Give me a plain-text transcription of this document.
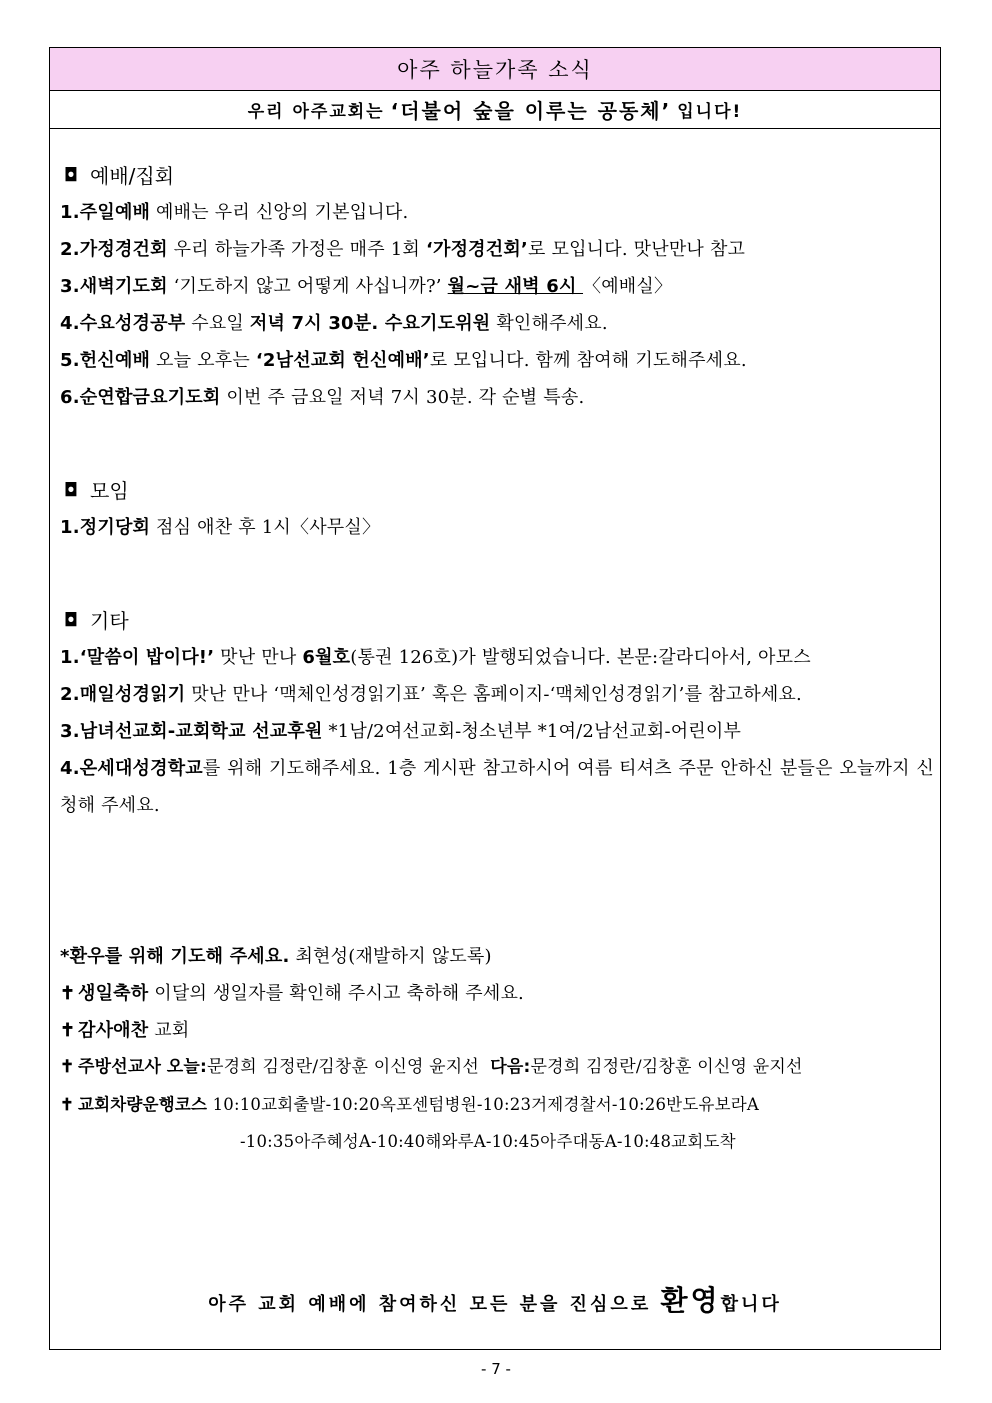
아주 하늘가족 소식
우리 아주교회는 ‘더불어 숲을 이루는 공동체’ 입니다!
◘ 예배/집회
1.주일예배 예배는 우리 신앙의 기본입니다.
2.가정경건회 우리 하늘가족 가정은 매주 1회 ‘가정경건회’로 모입니다. 맛난만나 참고
3.새벽기도회 ‘기도하지 않고 어떻게 사십니까?’ 월~금 새벽 6시 〈예배실〉
4.수요성경공부 수요일 저녁 7시 30분. 수요기도위원 확인해주세요.
5.헌신예배 오늘 오후는 ‘2남선교회 헌신예배’로 모입니다. 함께 참여해 기도해주세요.
6.순연합금요기도회 이번 주 금요일 저녁 7시 30분. 각 순별 특송.
◘ 모임
1.정기당회 점심 애찬 후 1시〈사무실〉
◘ 기타
1.‘말씀이 밥이다!’ 맛난 만나 6월호(통권 126호)가 발행되었습니다. 본문:갈라디아서, 아모스
2.매일성경읽기 맛난 만나 ‘맥체인성경읽기표’ 혹은 홈페이지-‘맥체인성경읽기’를 참고하세요.
3.남녀선교회-교회학교 선교후원 *1남/2여선교회-청소년부 *1여/2남선교회-어린이부
4.온세대성경학교를 위해 기도해주세요. 1층 게시판 참고하시어 여름 티셔츠 주문 안하신 분들은 오늘까지 신청해 주세요.
*환우를 위해 기도해 주세요. 최현성(재발하지 않도록)
✝ 생일축하 이달의 생일자를 확인해 주시고 축하해 주세요.
✝ 감사애찬 교회
✝ 주방선교사 오늘:문경희 김정란/김창훈 이신영 윤지선 다음:문경희 김정란/김창훈 이신영 윤지선
✝ 교회차량운행코스 10:10교회출발-10:20옥포센텀병원-10:23거제경찰서-10:26반도유보라A
-10:35아주혜성A-10:40해와루A-10:45아주대동A-10:48교회도착
아주 교회 예배에 참여하신 모든 분을 진심으로 환영합니다
- 7 -
